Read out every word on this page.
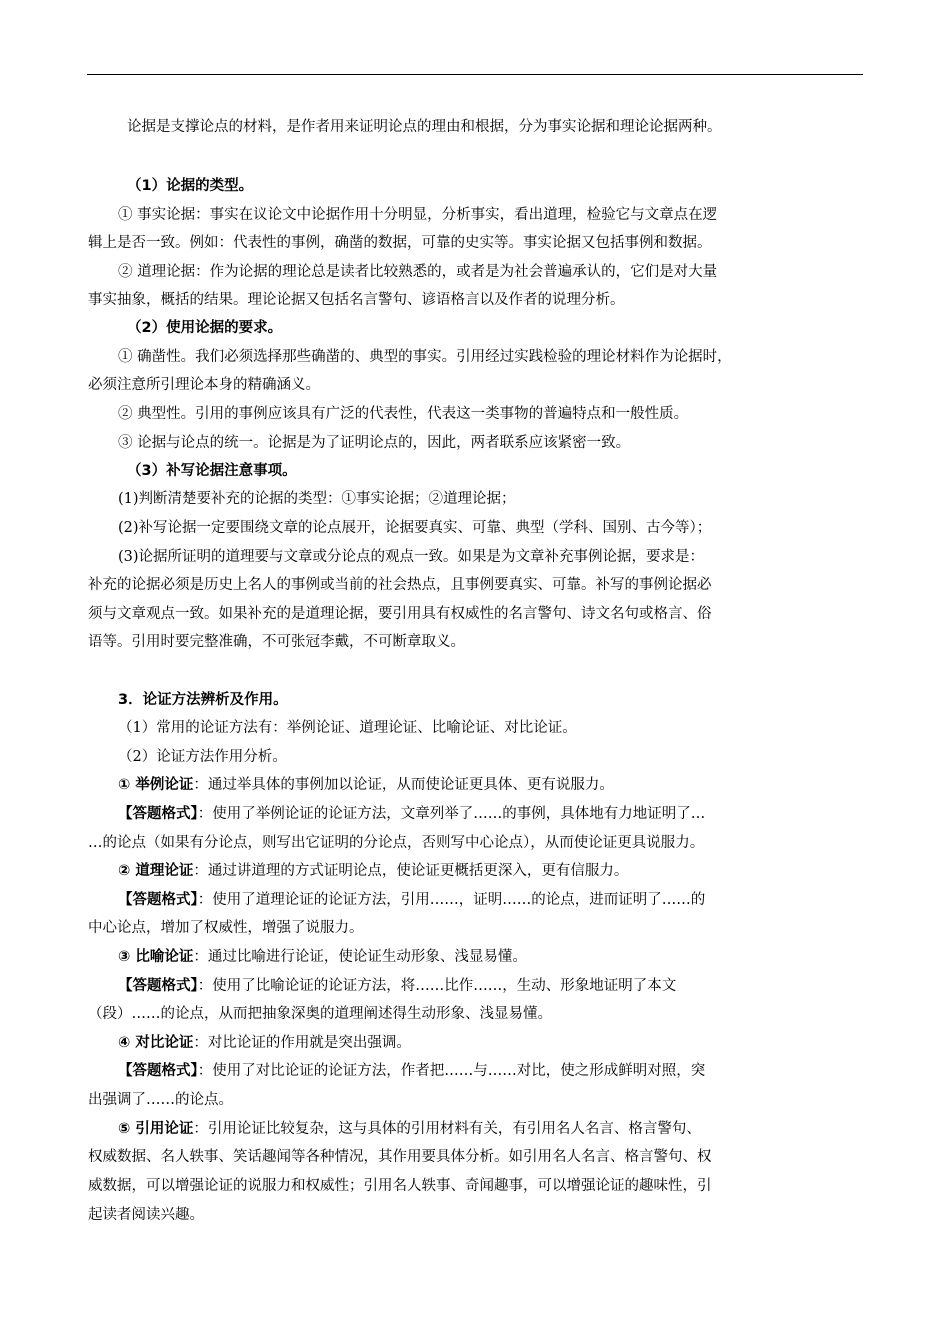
论据是支撑论点的材料，是作者用来证明论点的理由和根据，分为事实论据和理论论据两种。
（1）论据的类型。
① 事实论据：事实在议论文中论据作用十分明显，分析事实，看出道理，检验它与文章点在逻
辑上是否一致。例如：代表性的事例，确凿的数据，可靠的史实等。事实论据又包括事例和数据。
② 道理论据：作为论据的理论总是读者比较熟悉的，或者是为社会普遍承认的，它们是对大量
事实抽象，概括的结果。理论论据又包括名言警句、谚语格言以及作者的说理分析。
（2）使用论据的要求。
① 确凿性。我们必须选择那些确凿的、典型的事实。引用经过实践检验的理论材料作为论据时，
必须注意所引理论本身的精确涵义。
② 典型性。引用的事例应该具有广泛的代表性，代表这一类事物的普遍特点和一般性质。
③ 论据与论点的统一。论据是为了证明论点的，因此，两者联系应该紧密一致。
（3）补写论据注意事项。
(1)判断清楚要补充的论据的类型：①事实论据；②道理论据；
(2)补写论据一定要围绕文章的论点展开，论据要真实、可靠、典型（学科、国别、古今等）；
(3)论据所证明的道理要与文章或分论点的观点一致。如果是为文章补充事例论据，要求是：
补充的论据必须是历史上名人的事例或当前的社会热点，且事例要真实、可靠。补写的事例论据必
须与文章观点一致。如果补充的是道理论据，要引用具有权威性的名言警句、诗文名句或格言、俗
语等。引用时要完整准确，不可张冠李戴，不可断章取义。
3．论证方法辨析及作用。
（1）常用的论证方法有：举例论证、道理论证、比喻论证、对比论证。
（2）论证方法作用分析。
① 举例论证：通过举具体的事例加以论证，从而使论证更具体、更有说服力。
【答题格式】：使用了举例论证的论证方法，文章列举了……的事例，具体地有力地证明了…
…的论点（如果有分论点，则写出它证明的分论点，否则写中心论点），从而使论证更具说服力。
② 道理论证：通过讲道理的方式证明论点，使论证更概括更深入，更有信服力。
【答题格式】：使用了道理论证的论证方法，引用……，证明……的论点，进而证明了……的
中心论点，增加了权威性，增强了说服力。
③ 比喻论证：通过比喻进行论证，使论证生动形象、浅显易懂。
【答题格式】：使用了比喻论证的论证方法，将……比作……，生动、形象地证明了本文
（段）……的论点，从而把抽象深奥的道理阐述得生动形象、浅显易懂。
④ 对比论证：对比论证的作用就是突出强调。
【答题格式】：使用了对比论证的论证方法，作者把……与……对比，使之形成鲜明对照，突
出强调了……的论点。
⑤ 引用论证：引用论证比较复杂，这与具体的引用材料有关，有引用名人名言、格言警句、
权威数据、名人轶事、笑话趣闻等各种情况，其作用要具体分析。如引用名人名言、格言警句、权
威数据，可以增强论证的说服力和权威性；引用名人轶事、奇闻趣事，可以增强论证的趣味性，引
起读者阅读兴趣。
